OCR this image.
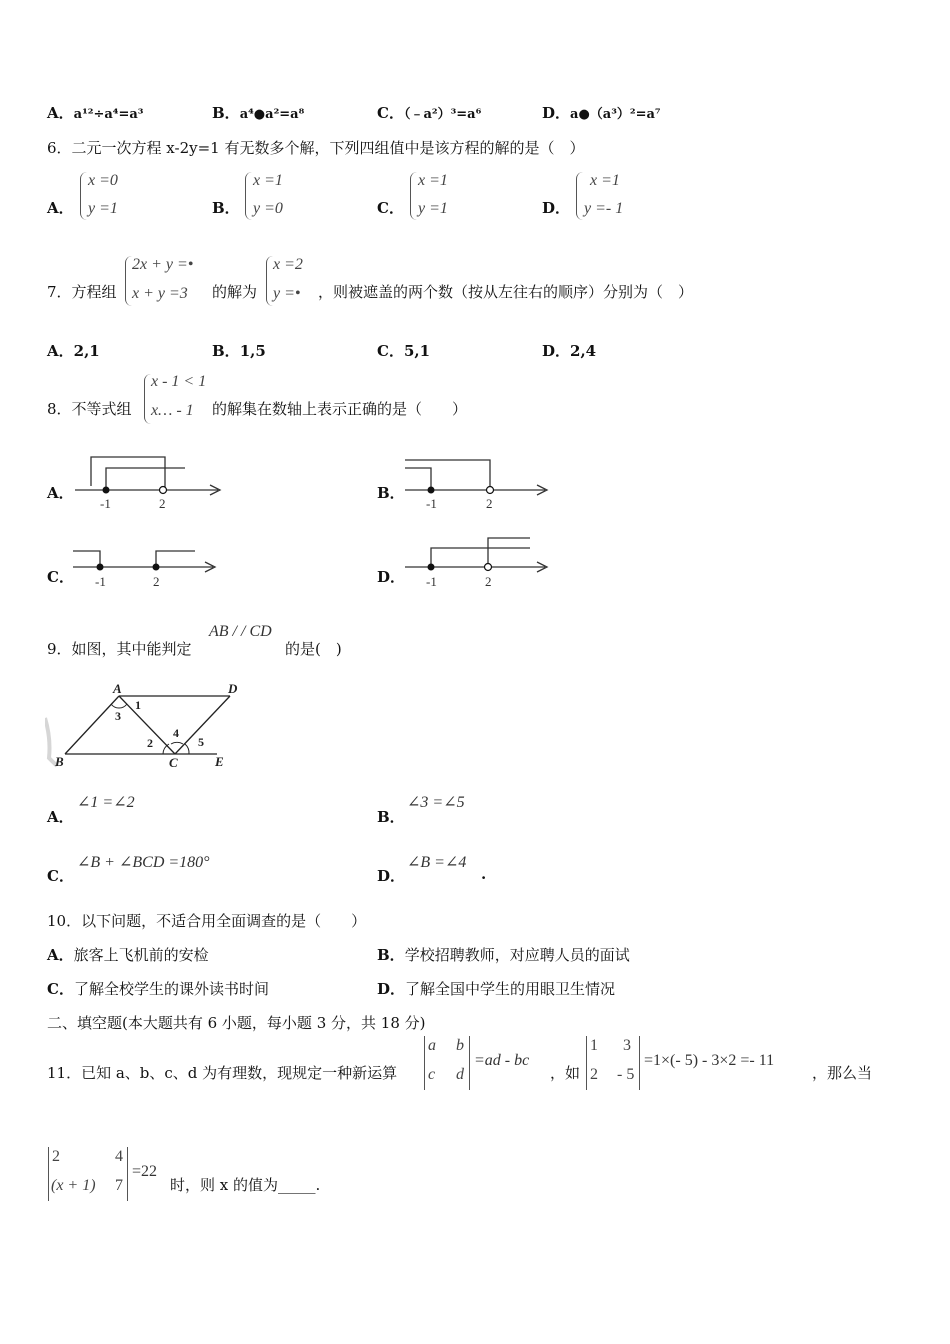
A．a¹²÷a⁴=a³	B．a⁴●a²=a⁸	C．（﹣a²）³=a⁶	D．a●（a³）²=a⁷
6．二元一次方程 x-2y=1 有无数多个解，下列四组值中是该方程的解的是（　）
A．
x =0
y =1	B．
x =1
y =0	C．
x =1
y =1	D．
x =1
y =- 1
7．方程组
2x + y =•
x + y =3 的解为
x =2
y =• ，则被遮盖的两个数（按从左往右的顺序）分别为（　）
A．2,1	B．1,5	C．5,1	D．2,4
8．不等式组
x - 1 < 1
x… - 1 的解集在数轴上表示正确的是（　　）
A．	B．
C．	D．
-1	2	-1	2
-1	2	-1	2
9．如图，其中能判定
AB / / CD
的是(　)
A	D
B	C	E
1
3
2
4
5
A．
∠1 =∠2
B．
∠3 =∠5
C．
∠B + ∠BCD =180°
D．
∠B =∠4
.
10．以下问题，不适合用全面调查的是（　　）
A．旅客上飞机前的安检	B．学校招聘教师，对应聘人员的面试
C．了解全校学生的课外读书时间	D．了解全国中学生的用眼卫生情况
二、填空题(本大题共有 6 小题，每小题 3 分，共 18 分)
11．已知 a、b、c、d 为有理数，现规定一种新运算
a b
c d
=ad - bc
，如
1 3
2 - 5
=1×(- 5) - 3×2 =- 11
，那么当
2	4
(x + 1) 7
=22
时，则 x 的值为_____.
